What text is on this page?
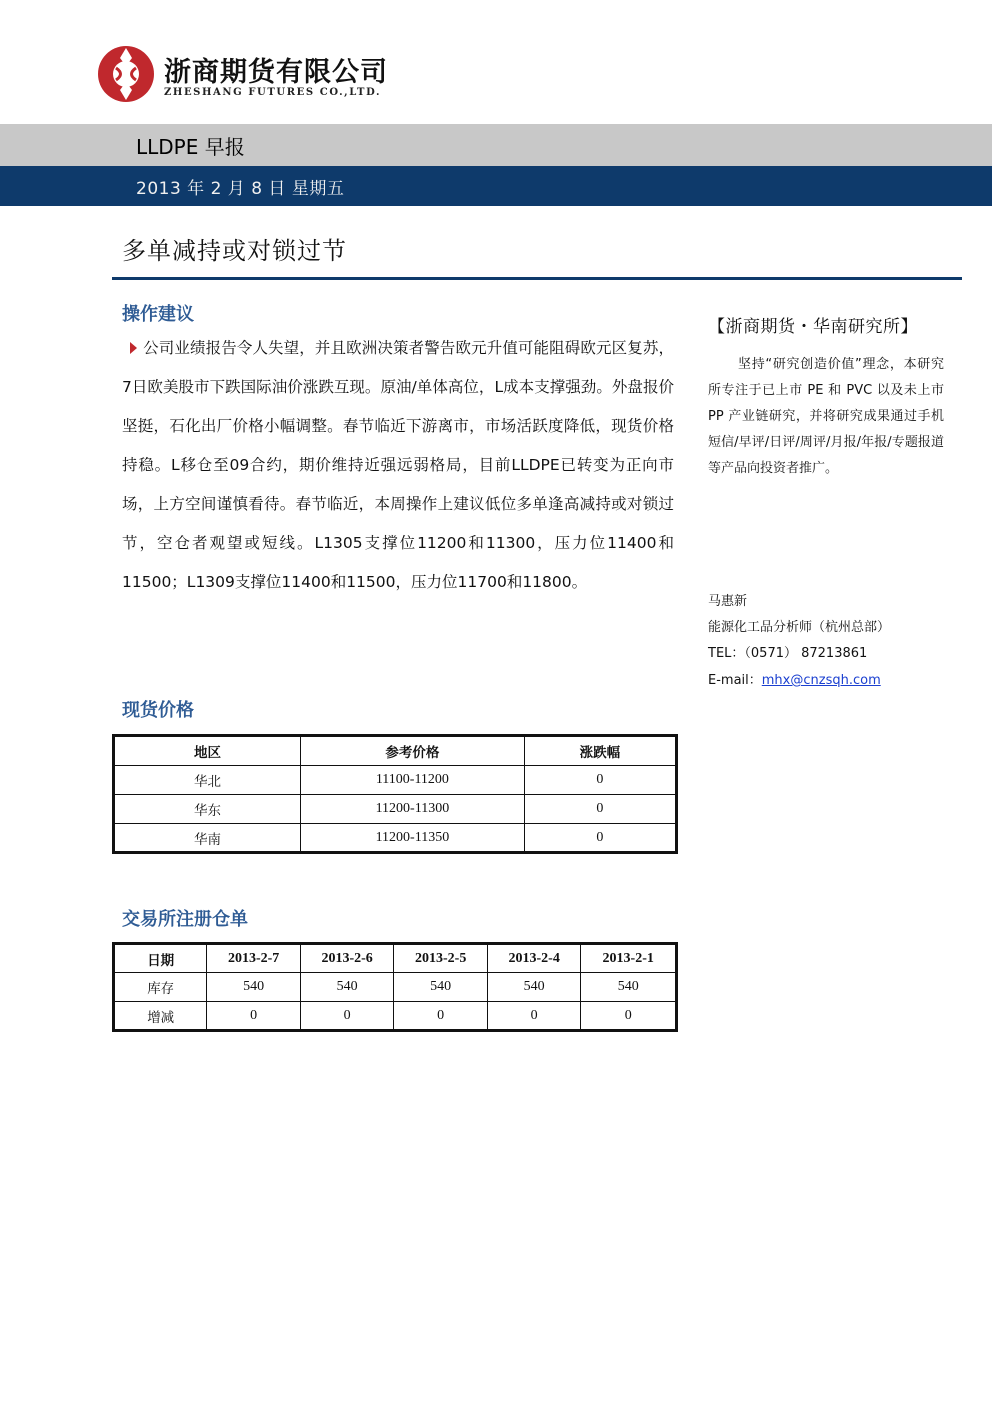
浙商期货有限公司
ZHESHANG FUTURES CO.,LTD.
LLDPE 早报
2013 年 2 月 8 日 星期五
多单减持或对锁过节
操作建议
公司业绩报告令人失望，并且欧洲决策者警告欧元升值可能阻碍欧元区复苏，7日欧美股市下跌国际油价涨跌互现。原油/单体高位，L成本支撑强劲。外盘报价坚挺，石化出厂价格小幅调整。春节临近下游离市，市场活跃度降低，现货价格持稳。L移仓至09合约，期价维持近强远弱格局，目前LLDPE已转变为正向市场，上方空间谨慎看待。春节临近，本周操作上建议低位多单逢高减持或对锁过节，空仓者观望或短线。L1305支撑位11200和11300，压力位11400和11500；L1309支撑位11400和11500，压力位11700和11800。
【浙商期货・华南研究所】
坚持“研究创造价值”理念，本研究所专注于已上市 PE 和 PVC 以及未上市 PP 产业链研究，并将研究成果通过手机短信/早评/日评/周评/月报/年报/专题报道等产品向投资者推广。
马惠新
能源化工品分析师（杭州总部）
TEL：（0571） 87213861
E-mail：mhx@cnzsqh.com
现货价格
地区	参考价格	涨跌幅
华北	11100-11200	0
华东	11200-11300	0
华南	11200-11350	0
交易所注册仓单
日期	2013-2-7	2013-2-6	2013-2-5	2013-2-4	2013-2-1
库存	540	540	540	540	540
增减	0	0	0	0	0
